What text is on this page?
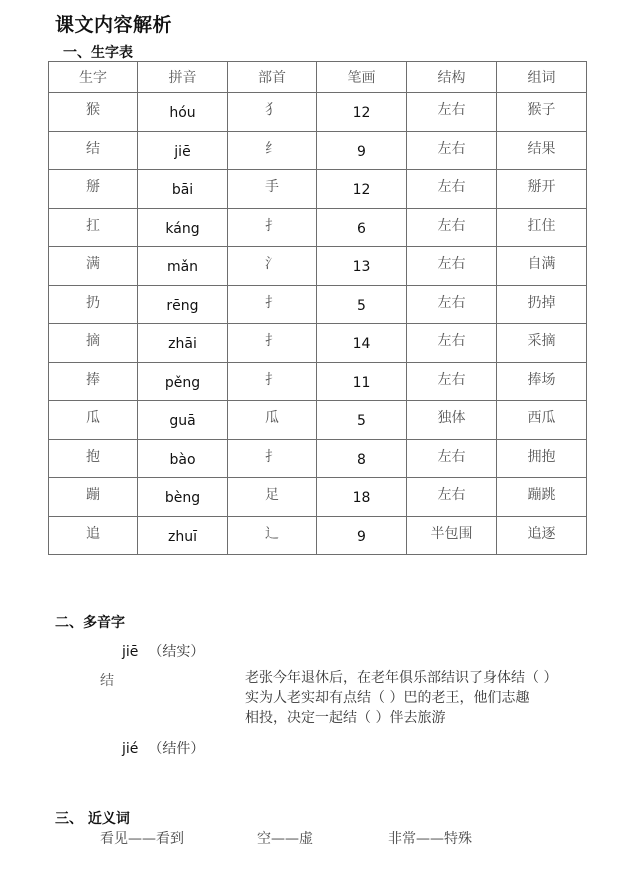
课文内容解析
一、生字表
生字	拼音	部首	笔画	结构	组词
猴	hóu	犭	12	左右	猴子
结	jiē	纟	9	左右	结果
掰	bāi	手	12	左右	掰开
扛	káng	扌	6	左右	扛住
满	mǎn	氵	13	左右	自满
扔	rēng	扌	5	左右	扔掉
摘	zhāi	扌	14	左右	采摘
捧	pěng	扌	11	左右	捧场
瓜	guā	瓜	5	独体	西瓜
抱	bào	扌	8	左右	拥抱
蹦	bèng	足	18	左右	蹦跳
追	zhuī	辶	9	半包围	追逐
二、多音字
jiē （结实）
结	老张今年退休后，在老年俱乐部结识了身体结（ ）
实为人老实却有点结（ ）巴的老王，他们志趣
相投，决定一起结（ ）伴去旅游
jié （结件）
三、 近义词
看见——看到	空——虚	非常——特殊
